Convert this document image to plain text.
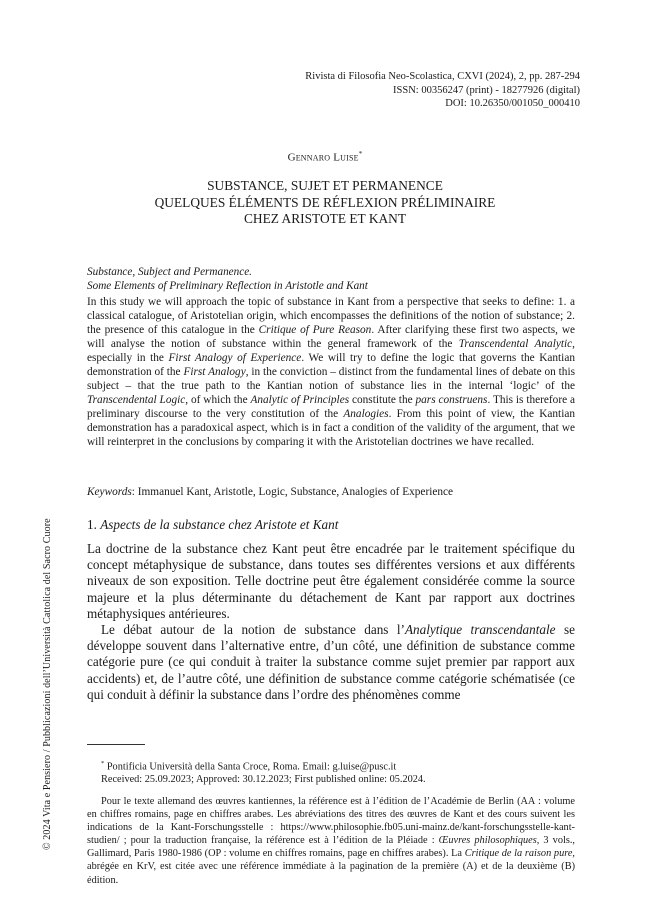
Rivista di Filosofia Neo-Scolastica, CXVI (2024), 2, pp. 287-294
ISSN: 00356247 (print) - 18277926 (digital)
DOI: 10.26350/001050_000410
Gennaro Luise*
SUBSTANCE, SUJET ET PERMANENCE
QUELQUES ÉLÉMENTS DE RÉFLEXION PRÉLIMINAIRE
CHEZ ARISTOTE ET KANT
Substance, Subject and Permanence.
Some Elements of Preliminary Reflection in Aristotle and Kant
In this study we will approach the topic of substance in Kant from a perspective that seeks to define: 1. a classical catalogue, of Aristotelian origin, which encompasses the definitions of the notion of substance; 2. the presence of this catalogue in the Critique of Pure Reason. After clarifying these first two aspects, we will analyse the notion of substance within the general framework of the Transcendental Analytic, especially in the First Analogy of Experience. We will try to define the logic that governs the Kantian demonstration of the First Analogy, in the conviction – distinct from the fundamental lines of debate on this subject – that the true path to the Kantian notion of substance lies in the internal ‘logic’ of the Transcendental Logic, of which the Analytic of Principles constitute the pars construens. This is therefore a preliminary discourse to the very constitution of the Analogies. From this point of view, the Kantian demonstration has a paradoxical aspect, which is in fact a condition of the validity of the argument, that we will reinterpret in the conclusions by comparing it with the Aristotelian doctrines we have recalled.
Keywords: Immanuel Kant, Aristotle, Logic, Substance, Analogies of Experience
1. Aspects de la substance chez Aristote et Kant

La doctrine de la substance chez Kant peut être encadrée par le traitement spécifique du concept métaphysique de substance, dans toutes ses différentes versions et aux différents niveaux de son exposition. Telle doctrine peut être également considérée comme la source majeure et la plus déterminante du détachement de Kant par rapport aux doctrines métaphysiques antérieures.

Le débat autour de la notion de substance dans l’Analytique transcendantale se développe souvent dans l’alternative entre, d’un côté, une définition de substance comme catégorie pure (ce qui conduit à traiter la substance comme sujet premier par rapport aux accidents) et, de l’autre côté, une définition de substance comme catégorie schématisée (ce qui conduit à définir la substance dans l’ordre des phénomènes comme

* Pontificia Università della Santa Croce, Roma. Email: g.luise@pusc.it
Received: 25.09.2023; Approved: 30.12.2023; First published online: 05.2024.
Pour le texte allemand des œuvres kantiennes, la référence est à l’édition de l’Académie de Berlin (AA : volume en chiffres romains, page en chiffres arabes. Les abréviations des titres des œuvres de Kant et des cours suivent les indications de la Kant-Forschungsstelle : https://www.philosophie.fb05.uni-mainz.de/kant-forschungsstelle-kant-studien/ ; pour la traduction française, la référence est à l’édition de la Pléiade : Œuvres philosophiques, 3 vols., Gallimard, Paris 1980-1986 (OP : volume en chiffres romains, page en chiffres arabes). La Critique de la raison pure, abrégée en KrV, est citée avec une référence immédiate à la pagination de la première (A) et de la deuxième (B) édition.
© 2024 Vita e Pensiero / Pubblicazioni dell’Università Cattolica del Sacro Cuore
